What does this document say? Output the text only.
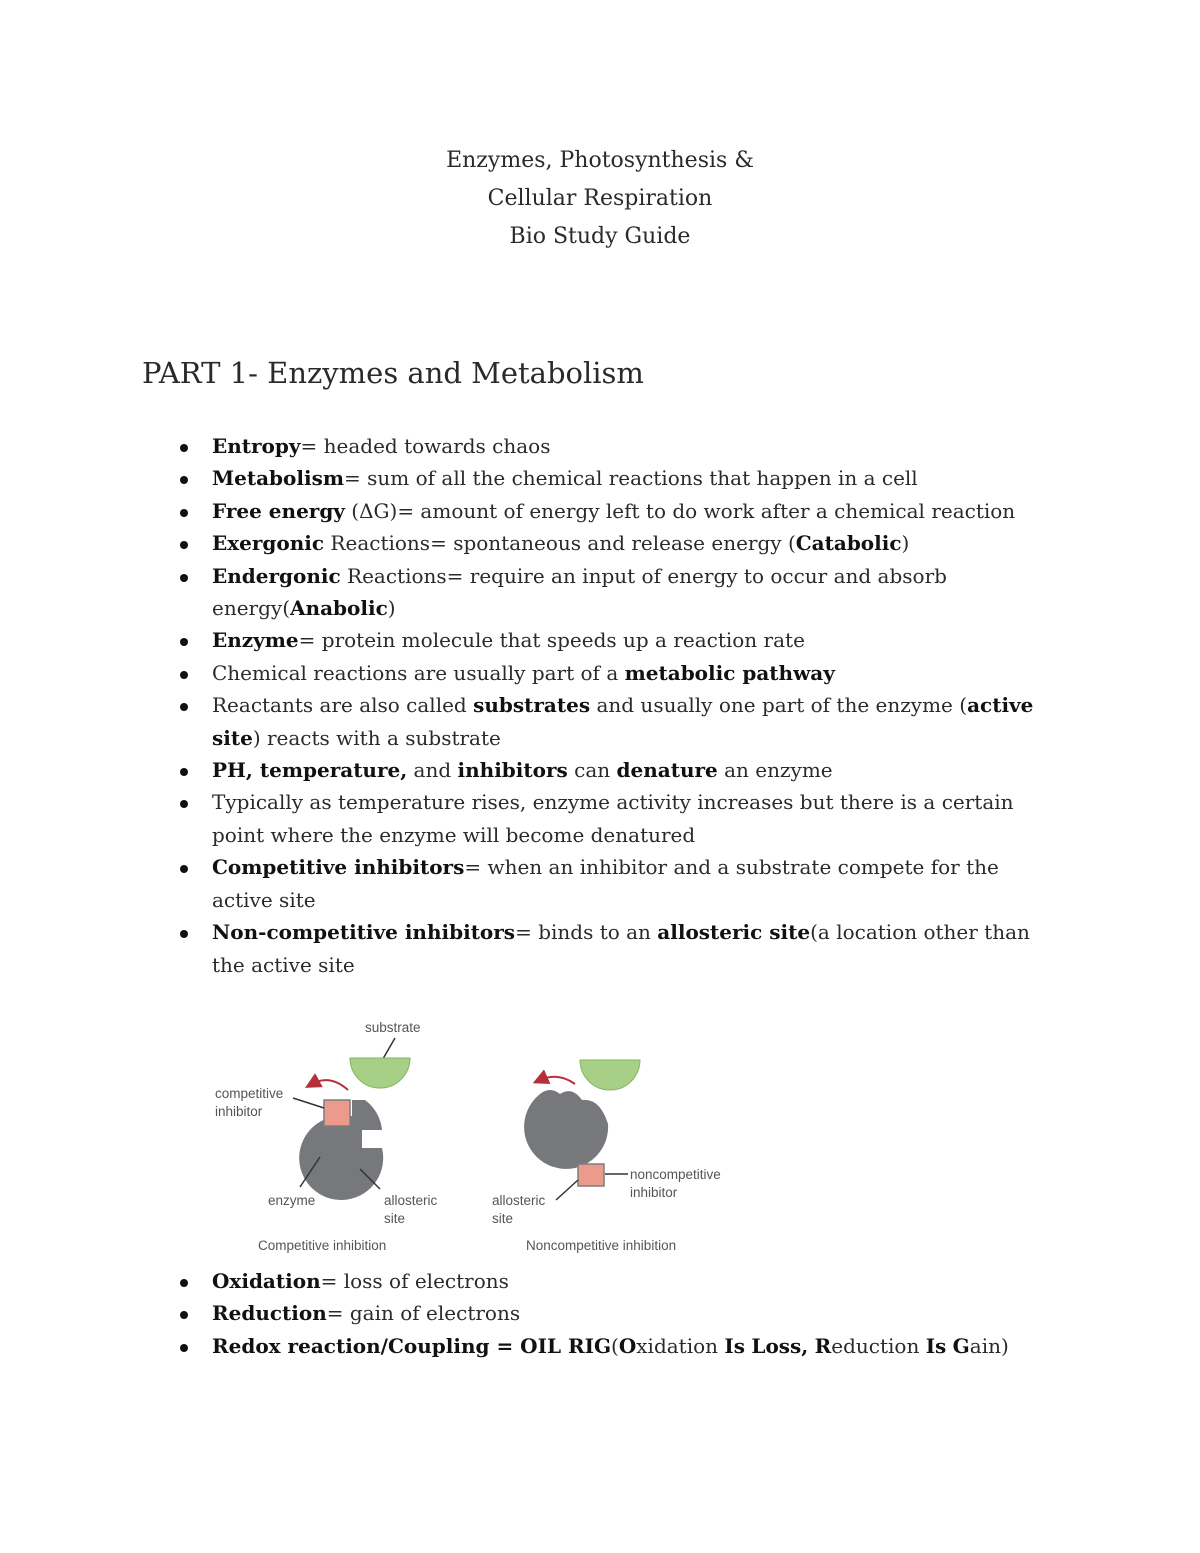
Enzymes, Photosynthesis &
Cellular Respiration
Bio Study Guide
PART 1- Enzymes and Metabolism
Entropy= headed towards chaos
Metabolism= sum of all the chemical reactions that happen in a cell
Free energy (ΔG)= amount of energy left to do work after a chemical reaction
Exergonic Reactions= spontaneous and release energy (Catabolic)
Endergonic Reactions= require an input of energy to occur and absorb energy(Anabolic)
Enzyme= protein molecule that speeds up a reaction rate
Chemical reactions are usually part of a metabolic pathway
Reactants are also called substrates and usually one part of the enzyme (active site) reacts with a substrate
PH, temperature, and inhibitors can denature an enzyme
Typically as temperature rises, enzyme activity increases but there is a certain point where the enzyme will become denatured
Competitive inhibitors= when an inhibitor and a substrate compete for the active site
Non-competitive inhibitors= binds to an allosteric site(a location other than the active site
substrate
competitive
inhibitor
enzyme	allosteric
site
Competitive inhibition
noncompetitive
inhibitor
allosteric
site
Noncompetitive inhibition
Oxidation= loss of electrons
Reduction= gain of electrons
Redox reaction/Coupling = OIL RIG(Oxidation Is Loss, Reduction Is Gain)
